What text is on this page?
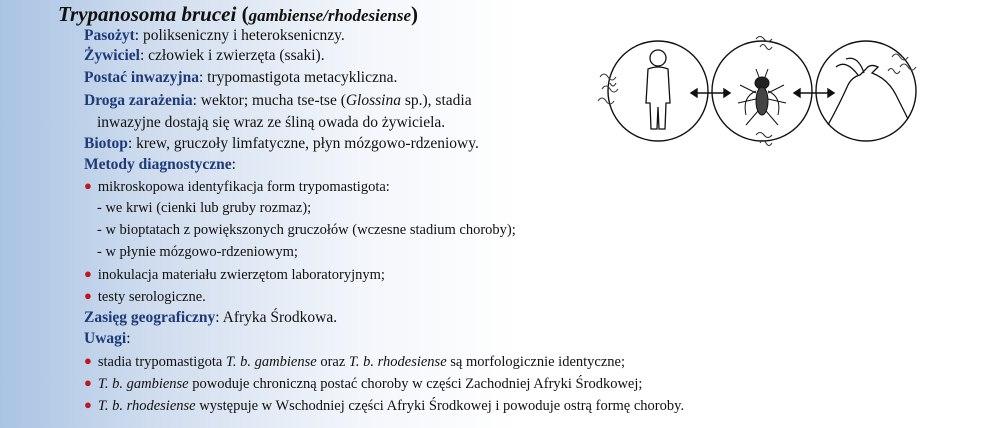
Trypanosoma brucei (gambiense/rhodesiense)
Pasożyt: polikseniczny i heteroksenicnzy.
Żywiciel: człowiek i zwierzęta (ssaki).
Postać inwazyjna: trypomastigota metacykliczna.
Droga zarażenia: wektor; mucha tse-tse (Glossina sp.), stadia
inwazyjne dostają się wraz ze śliną owada do żywiciela.
Biotop: krew, gruczoły limfatyczne, płyn mózgowo-rdzeniowy.
Metody diagnostyczne:
● mikroskopowa identyfikacja form trypomastigota:
- we krwi (cienki lub gruby rozmaz);
- w bioptatach z powiększonych gruczołów (wczesne stadium choroby);
- w płynie mózgowo-rdzeniowym;
● inokulacja materiału zwierzętom laboratoryjnym;
● testy serologiczne.
Zasięg geograficzny: Afryka Środkowa.
Uwagi:
● stadia trypomastigota T. b. gambiense oraz T. b. rhodesiense są morfologicznie identyczne;
● T. b. gambiense powoduje chroniczną postać choroby w części Zachodniej Afryki Środkowej;
● T. b. rhodesiense występuje w Wschodniej części Afryki Środkowej i powoduje ostrą formę choroby.
